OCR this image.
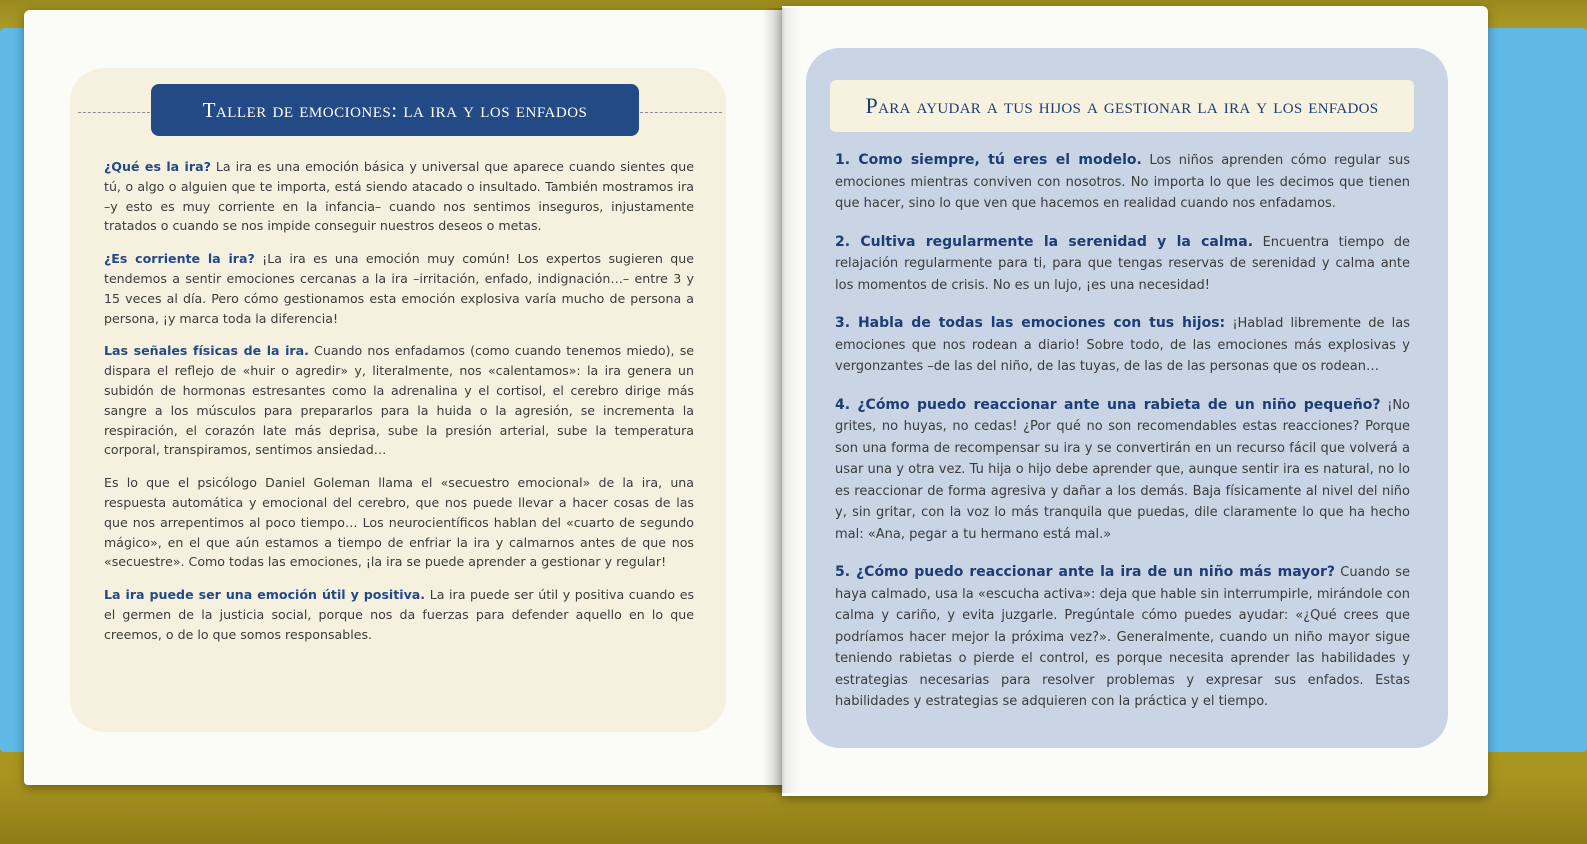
Taller de emociones: la ira y los enfados	Para ayudar a tus hijos a gestionar la ira y los enfados

¿Qué es la ira? La ira es una emoción básica y universal que aparece cuando sientes que tú, o algo o alguien que te importa, está siendo atacado o insultado. También mostramos ira –y esto es muy corriente en la infancia– cuando nos sentimos inseguros, injustamente tratados o cuando se nos impide conseguir nuestros deseos o metas.

¿Es corriente la ira? ¡La ira es una emoción muy común! Los expertos sugieren que tendemos a sentir emociones cercanas a la ira –irritación, enfado, indignación…– entre 3 y 15 veces al día. Pero cómo gestionamos esta emoción explosiva varía mucho de persona a persona, ¡y marca toda la diferencia!

Las señales físicas de la ira. Cuando nos enfadamos (como cuando tenemos miedo), se dispara el reflejo de «huir o agredir» y, literalmente, nos «calentamos»: la ira genera un subidón de hormonas estresantes como la adrenalina y el cortisol, el cerebro dirige más sangre a los músculos para prepararlos para la huida o la agresión, se incrementa la respiración, el corazón late más deprisa, sube la presión arterial, sube la temperatura corporal, transpiramos, sentimos ansiedad…

Es lo que el psicólogo Daniel Goleman llama el «secuestro emocional» de la ira, una respuesta automática y emocional del cerebro, que nos puede llevar a hacer cosas de las que nos arrepentimos al poco tiempo… Los neurocientíficos hablan del «cuarto de segundo mágico», en el que aún estamos a tiempo de enfriar la ira y calmarnos antes de que nos «secuestre». Como todas las emociones, ¡la ira se puede aprender a gestionar y regular!

La ira puede ser una emoción útil y positiva. La ira puede ser útil y positiva cuando es el germen de la justicia social, porque nos da fuerzas para defender aquello en lo que creemos, o de lo que somos responsables.

1. Como siempre, tú eres el modelo. Los niños aprenden cómo regular sus emociones mientras conviven con nosotros. No importa lo que les decimos que tienen que hacer, sino lo que ven que hacemos en realidad cuando nos enfadamos.

2. Cultiva regularmente la serenidad y la calma. Encuentra tiempo de relajación regularmente para ti, para que tengas reservas de serenidad y calma ante los momentos de crisis. No es un lujo, ¡es una necesidad!

3. Habla de todas las emociones con tus hijos: ¡Hablad libremente de las emociones que nos rodean a diario! Sobre todo, de las emociones más explosivas y vergonzantes –de las del niño, de las tuyas, de las de las personas que os rodean…

4. ¿Cómo puedo reaccionar ante una rabieta de un niño pequeño? ¡No grites, no huyas, no cedas! ¿Por qué no son recomendables estas reacciones? Porque son una forma de recompensar su ira y se convertirán en un recurso fácil que volverá a usar una y otra vez. Tu hija o hijo debe aprender que, aunque sentir ira es natural, no lo es reaccionar de forma agresiva y dañar a los demás. Baja físicamente al nivel del niño y, sin gritar, con la voz lo más tranquila que puedas, dile claramente lo que ha hecho mal: «Ana, pegar a tu hermano está mal.»

5. ¿Cómo puedo reaccionar ante la ira de un niño más mayor? Cuando se haya calmado, usa la «escucha activa»: deja que hable sin interrumpirle, mirándole con calma y cariño, y evita juzgarle. Pregúntale cómo puedes ayudar: «¿Qué crees que podríamos hacer mejor la próxima vez?». Generalmente, cuando un niño mayor sigue teniendo rabietas o pierde el control, es porque necesita aprender las habilidades y estrategias necesarias para resolver problemas y expresar sus enfados. Estas habilidades y estrategias se adquieren con la práctica y el tiempo.
